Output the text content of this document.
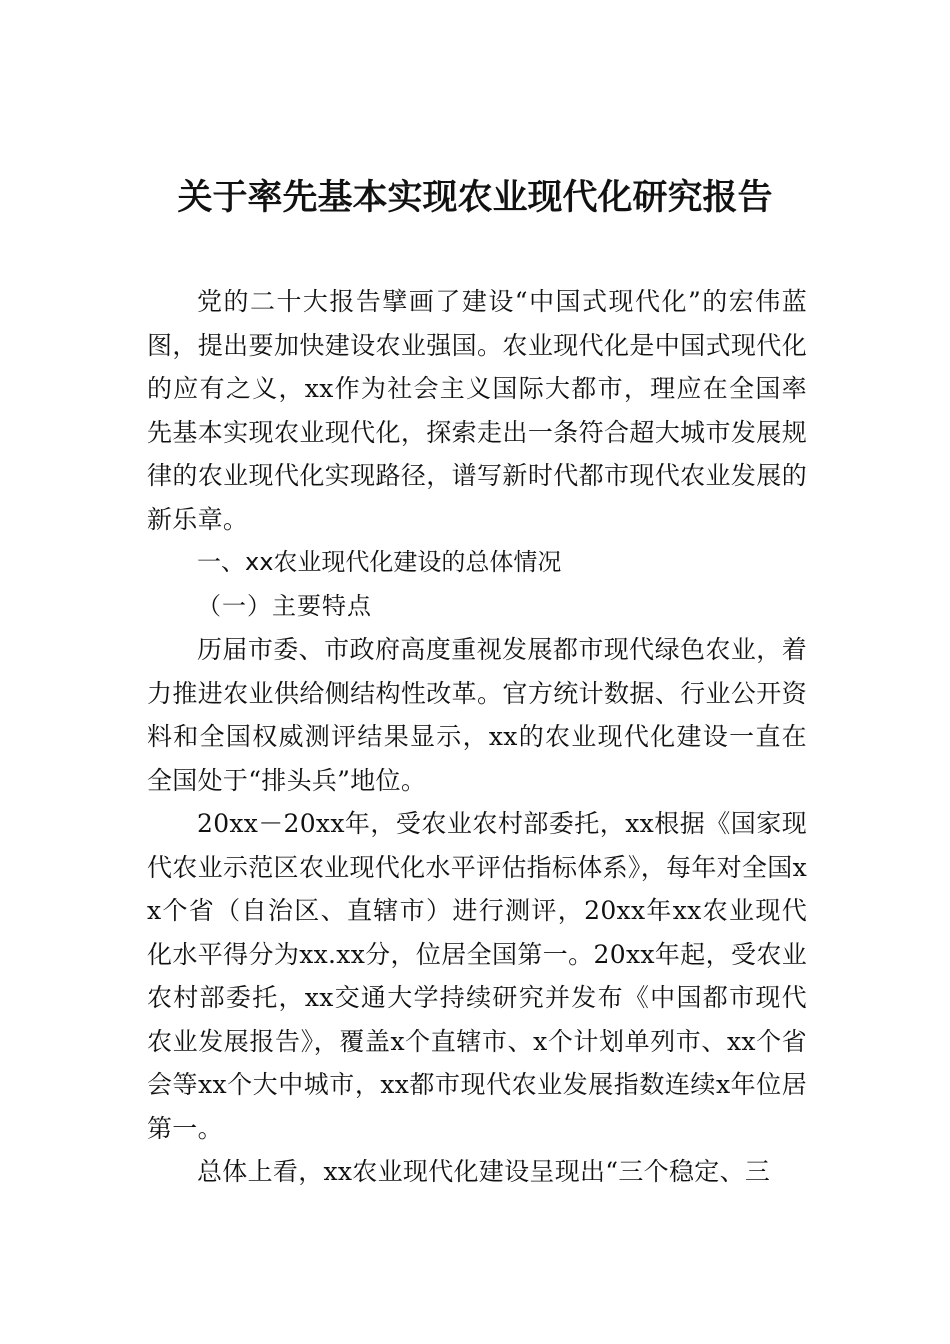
关于率先基本实现农业现代化研究报告

党的二十大报告擘画了建设“中国式现代化”的宏伟蓝图，提出要加快建设农业强国。农业现代化是中国式现代化的应有之义，xx作为社会主义国际大都市，理应在全国率先基本实现农业现代化，探索走出一条符合超大城市发展规律的农业现代化实现路径，谱写新时代都市现代农业发展的新乐章。

一、xx农业现代化建设的总体情况

（一）主要特点

历届市委、市政府高度重视发展都市现代绿色农业，着力推进农业供给侧结构性改革。官方统计数据、行业公开资料和全国权威测评结果显示，xx的农业现代化建设一直在全国处于“排头兵”地位。

20xx－20xx年，受农业农村部委托，xx根据《国家现代农业示范区农业现代化水平评估指标体系》，每年对全国xx个省（自治区、直辖市）进行测评，20xx年xx农业现代化水平得分为xx.xx分，位居全国第一。20xx年起，受农业农村部委托，xx交通大学持续研究并发布《中国都市现代农业发展报告》，覆盖x个直辖市、x个计划单列市、xx个省会等xx个大中城市，xx都市现代农业发展指数连续x年位居第一。

总体上看，xx农业现代化建设呈现出“三个稳定、三
